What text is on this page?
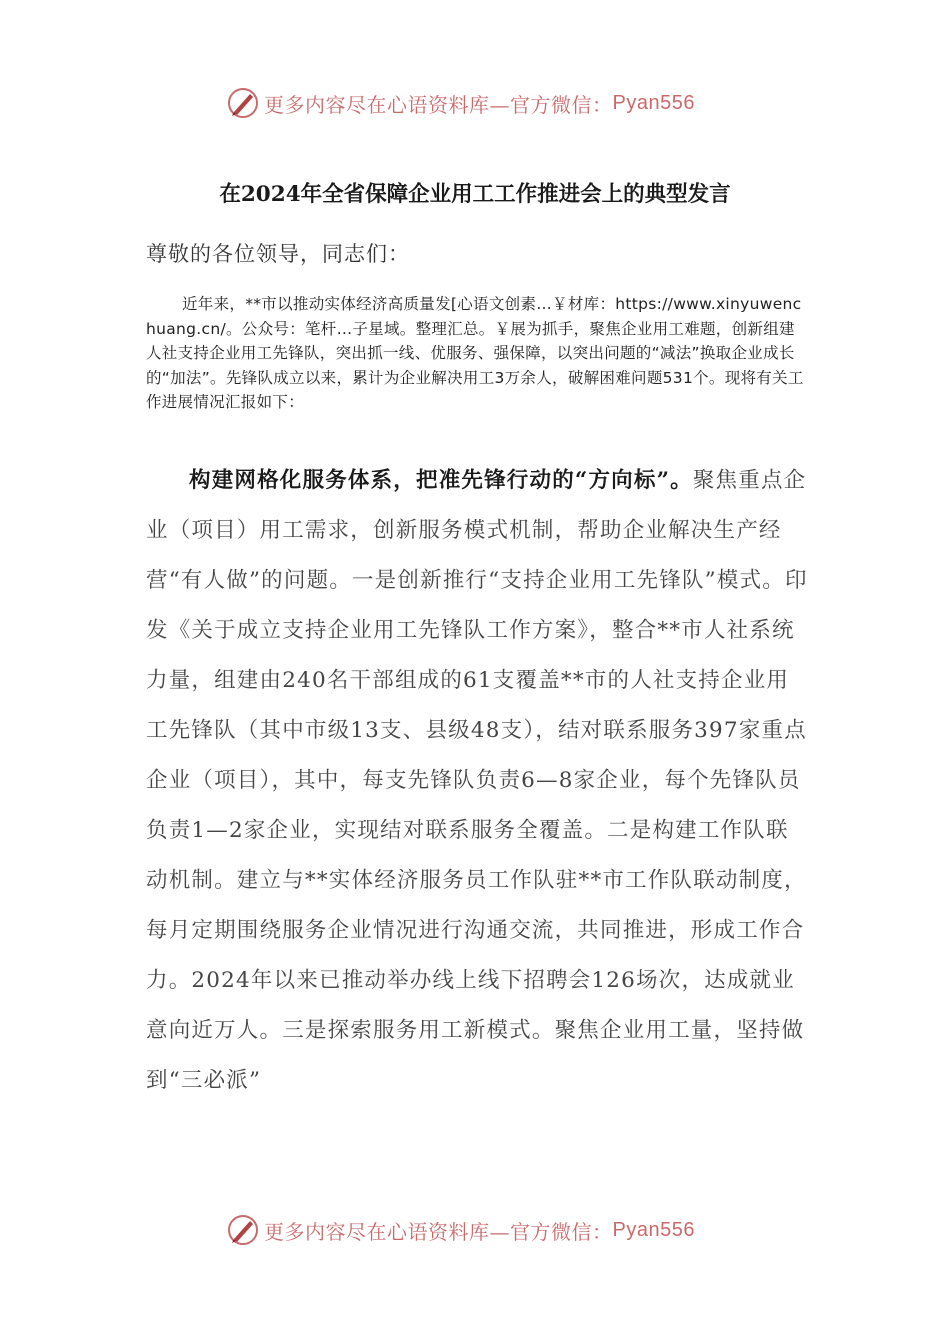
更多内容尽在心语资料库—官方微信： Pyan556
在2024年全省保障企业用工工作推进会上的典型发言
尊敬的各位领导，同志们：
近年来，**市以推动实体经济高质量发[心语文创素…￥材库：https://www.xinyuwenchuang.cn/。公众号：笔杆…子星域。整理汇总。￥展为抓手，聚焦企业用工难题，创新组建人社支持企业用工先锋队，突出抓一线、优服务、强保障，以突出问题的“减法”换取企业成长的“加法”。先锋队成立以来，累计为企业解决用工3万余人，破解困难问题531个。现将有关工作进展情况汇报如下：

构建网格化服务体系，把准先锋行动的“方向标”。聚焦重点企业（项目）用工需求，创新服务模式机制，帮助企业解决生产经营“有人做”的问题。一是创新推行“支持企业用工先锋队”模式。印发《关于成立支持企业用工先锋队工作方案》，整合**市人社系统力量，组建由240名干部组成的61支覆盖**市的人社支持企业用工先锋队（其中市级13支、县级48支），结对联系服务397家重点企业（项目），其中，每支先锋队负责6—8家企业，每个先锋队员负责1—2家企业，实现结对联系服务全覆盖。二是构建工作队联动机制。建立与**实体经济服务员工作队驻**市工作队联动制度，每月定期围绕服务企业情况进行沟通交流，共同推进，形成工作合力。2024年以来已推动举办线上线下招聘会126场次，达成就业意向近万人。三是探索服务用工新模式。聚焦企业用工量，坚持做到“三必派”

更多内容尽在心语资料库—官方微信： Pyan556
